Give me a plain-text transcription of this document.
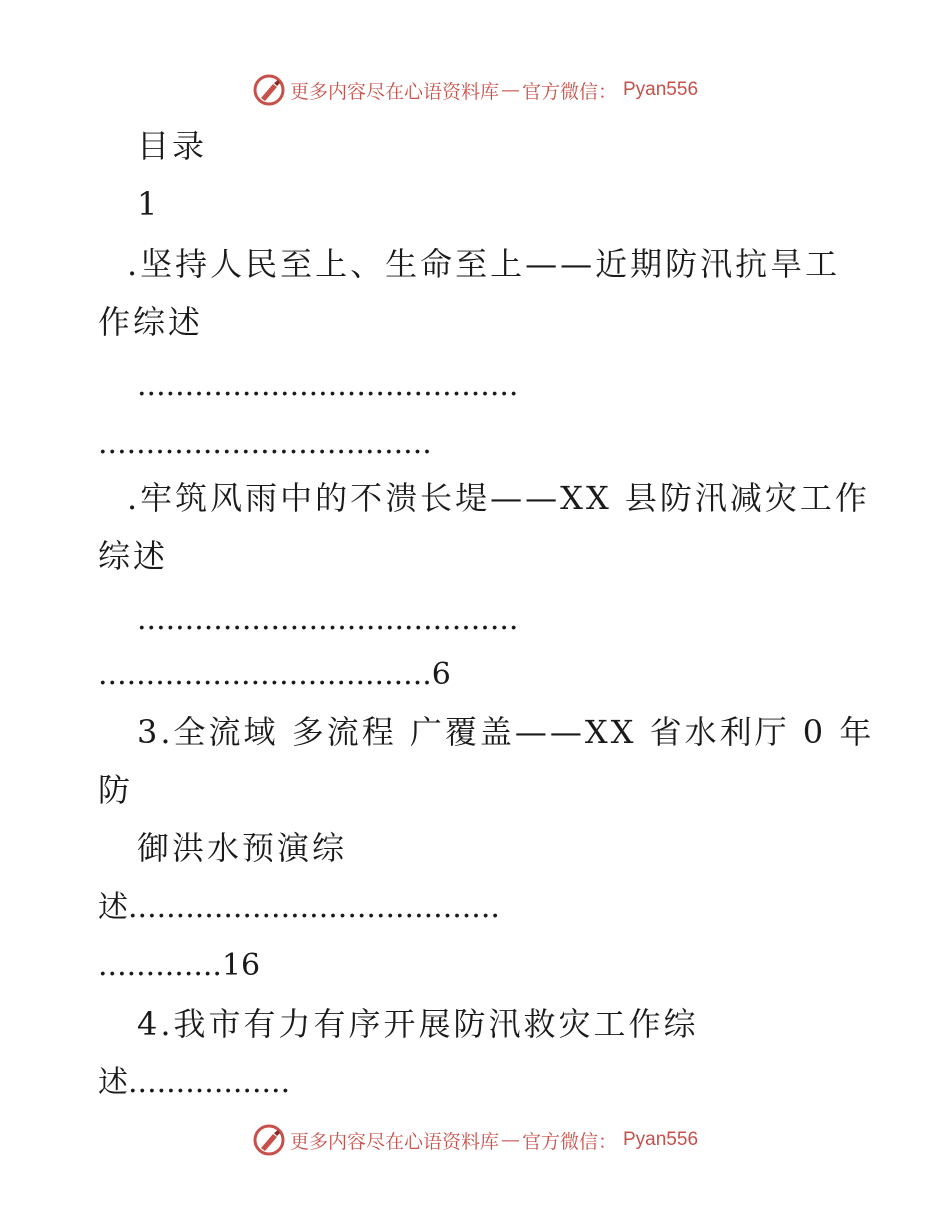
更多内容尽在心语资料库 — 官方微信： Pyan556
目录
1
.坚持人民至上、生命至上——近期防汛抗旱工
作综述
........................................
...................................
.牢筑风雨中的不溃长堤——XX 县防汛减灾工作
综述
........................................
...................................6
3.全流域 多流程 广覆盖——XX 省水利厅 0 年
防
御洪水预演综
述.......................................
.............16
4.我市有力有序开展防汛救灾工作综
述.................
更多内容尽在心语资料库 — 官方微信： Pyan556
